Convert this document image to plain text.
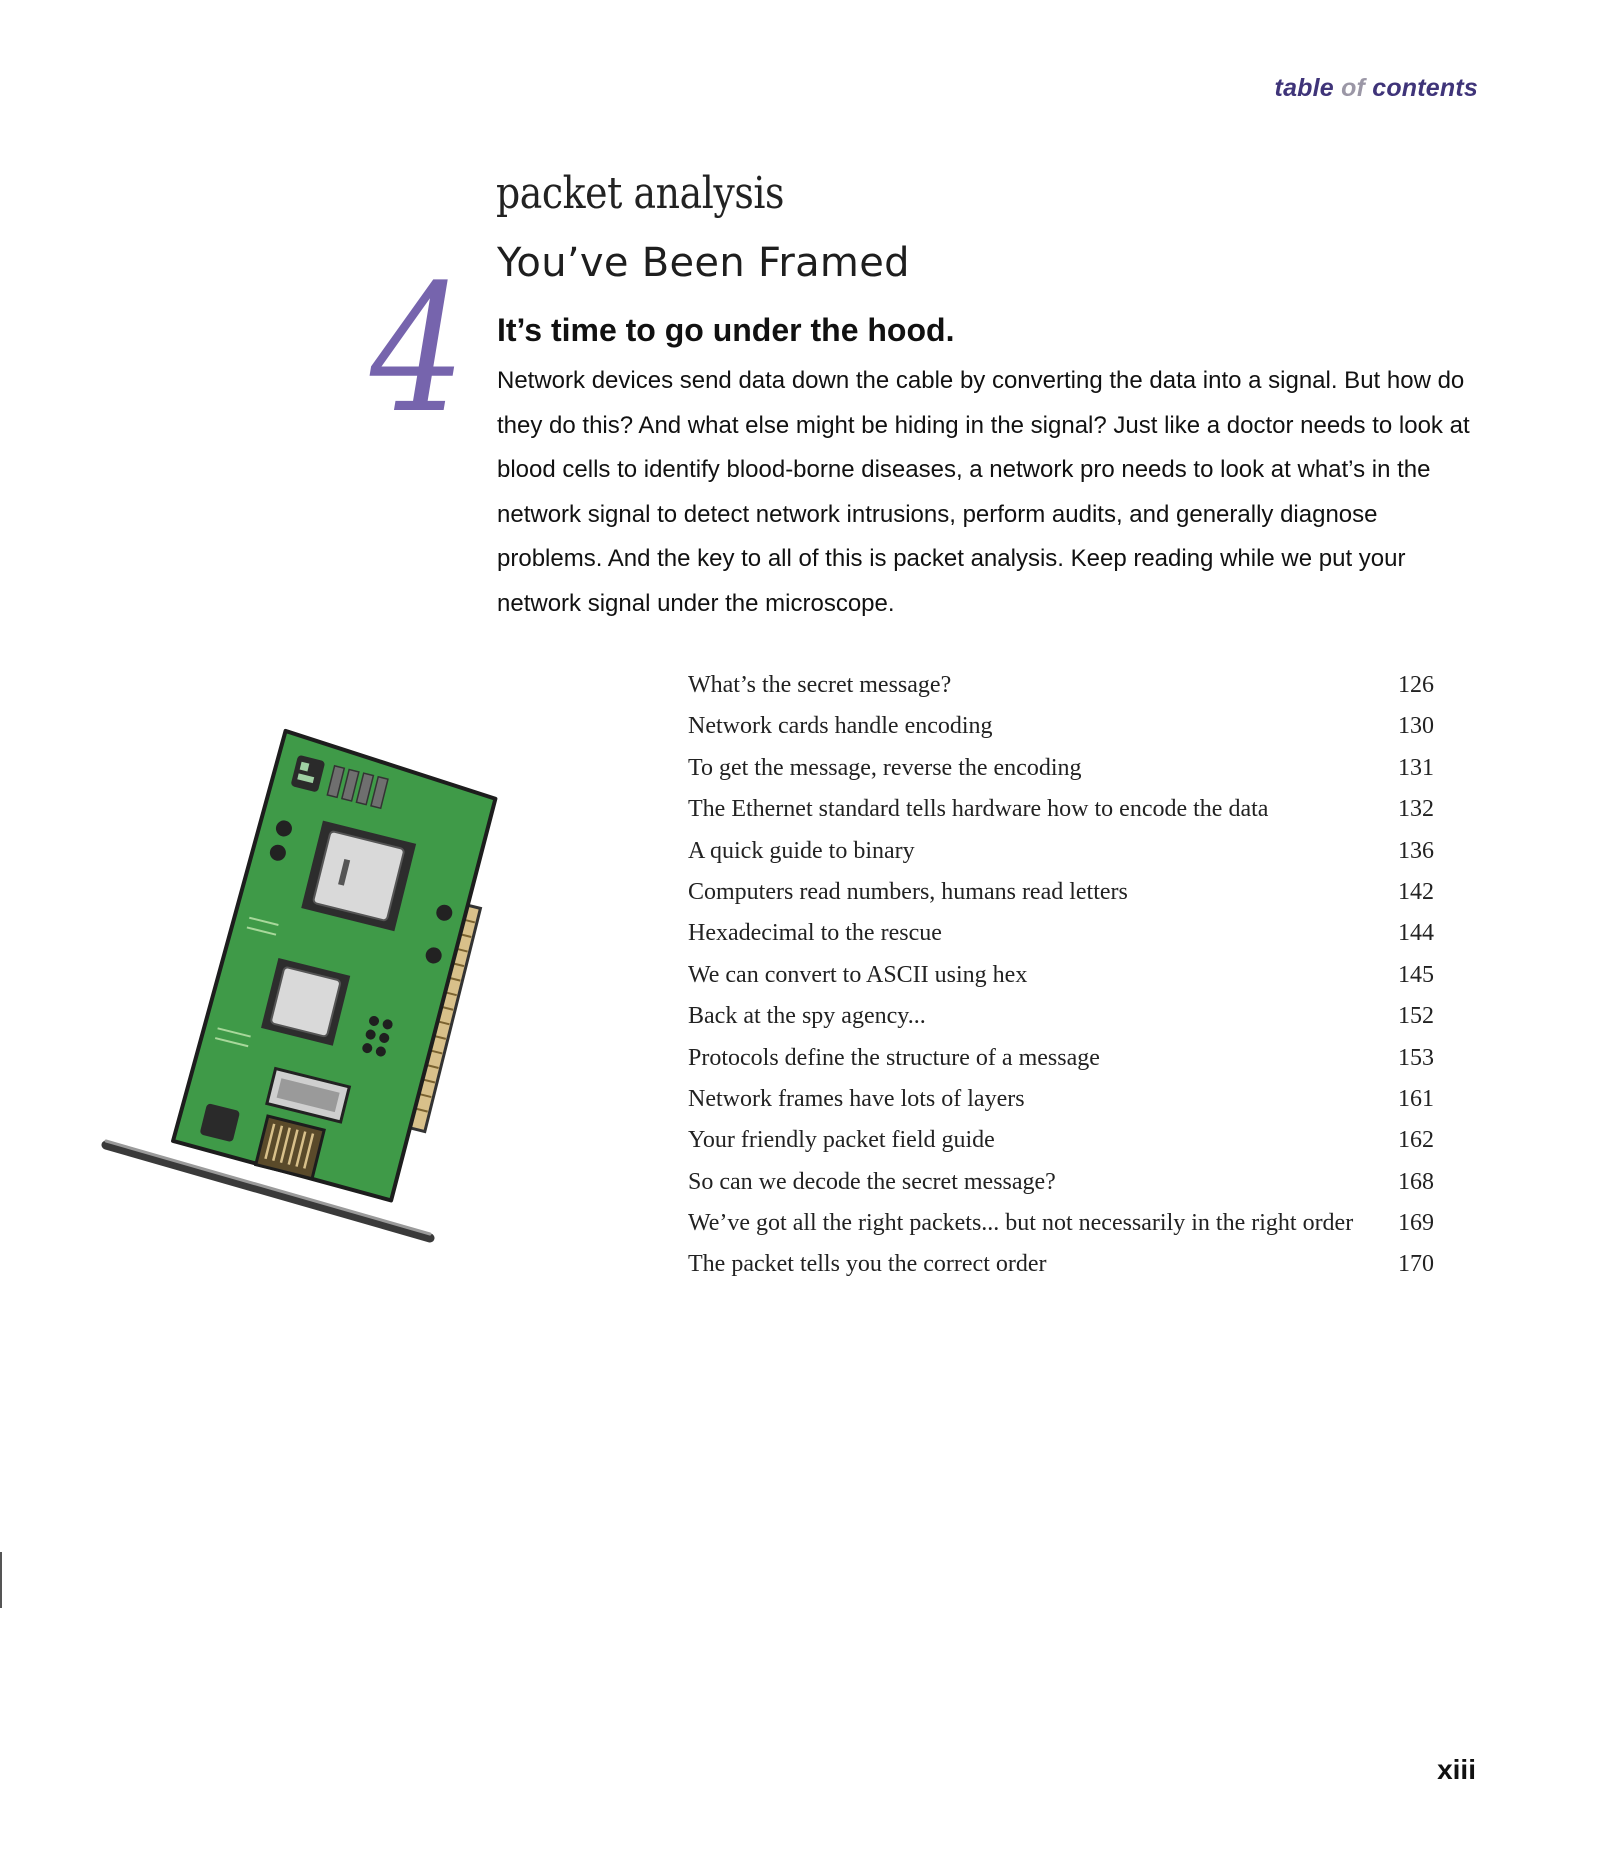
table of contents
packet analysis
You’ve Been Framed
4 It’s time to go under the hood.

Network devices send data down the cable by converting the data into a signal. But how do they do this? And what else might be hiding in the signal? Just like a doctor needs to look at blood cells to identify blood-borne diseases, a network pro needs to look at what’s in the network signal to detect network intrusions, perform audits, and generally diagnose problems. And the key to all of this is packet analysis. Keep reading while we put your network signal under the microscope.

What’s the secret message?	126
Network cards handle encoding	130
To get the message, reverse the encoding	131
The Ethernet standard tells hardware how to encode the data	132
A quick guide to binary	136
Computers read numbers, humans read letters	142
Hexadecimal to the rescue	144
We can convert to ASCII using hex	145
Back at the spy agency...	152
Protocols define the structure of a message	153
Network frames have lots of layers	161
Your friendly packet field guide	162
So can we decode the secret message?	168
We’ve got all the right packets... but not necessarily in the right order	169
The packet tells you the correct order	170
xiii
